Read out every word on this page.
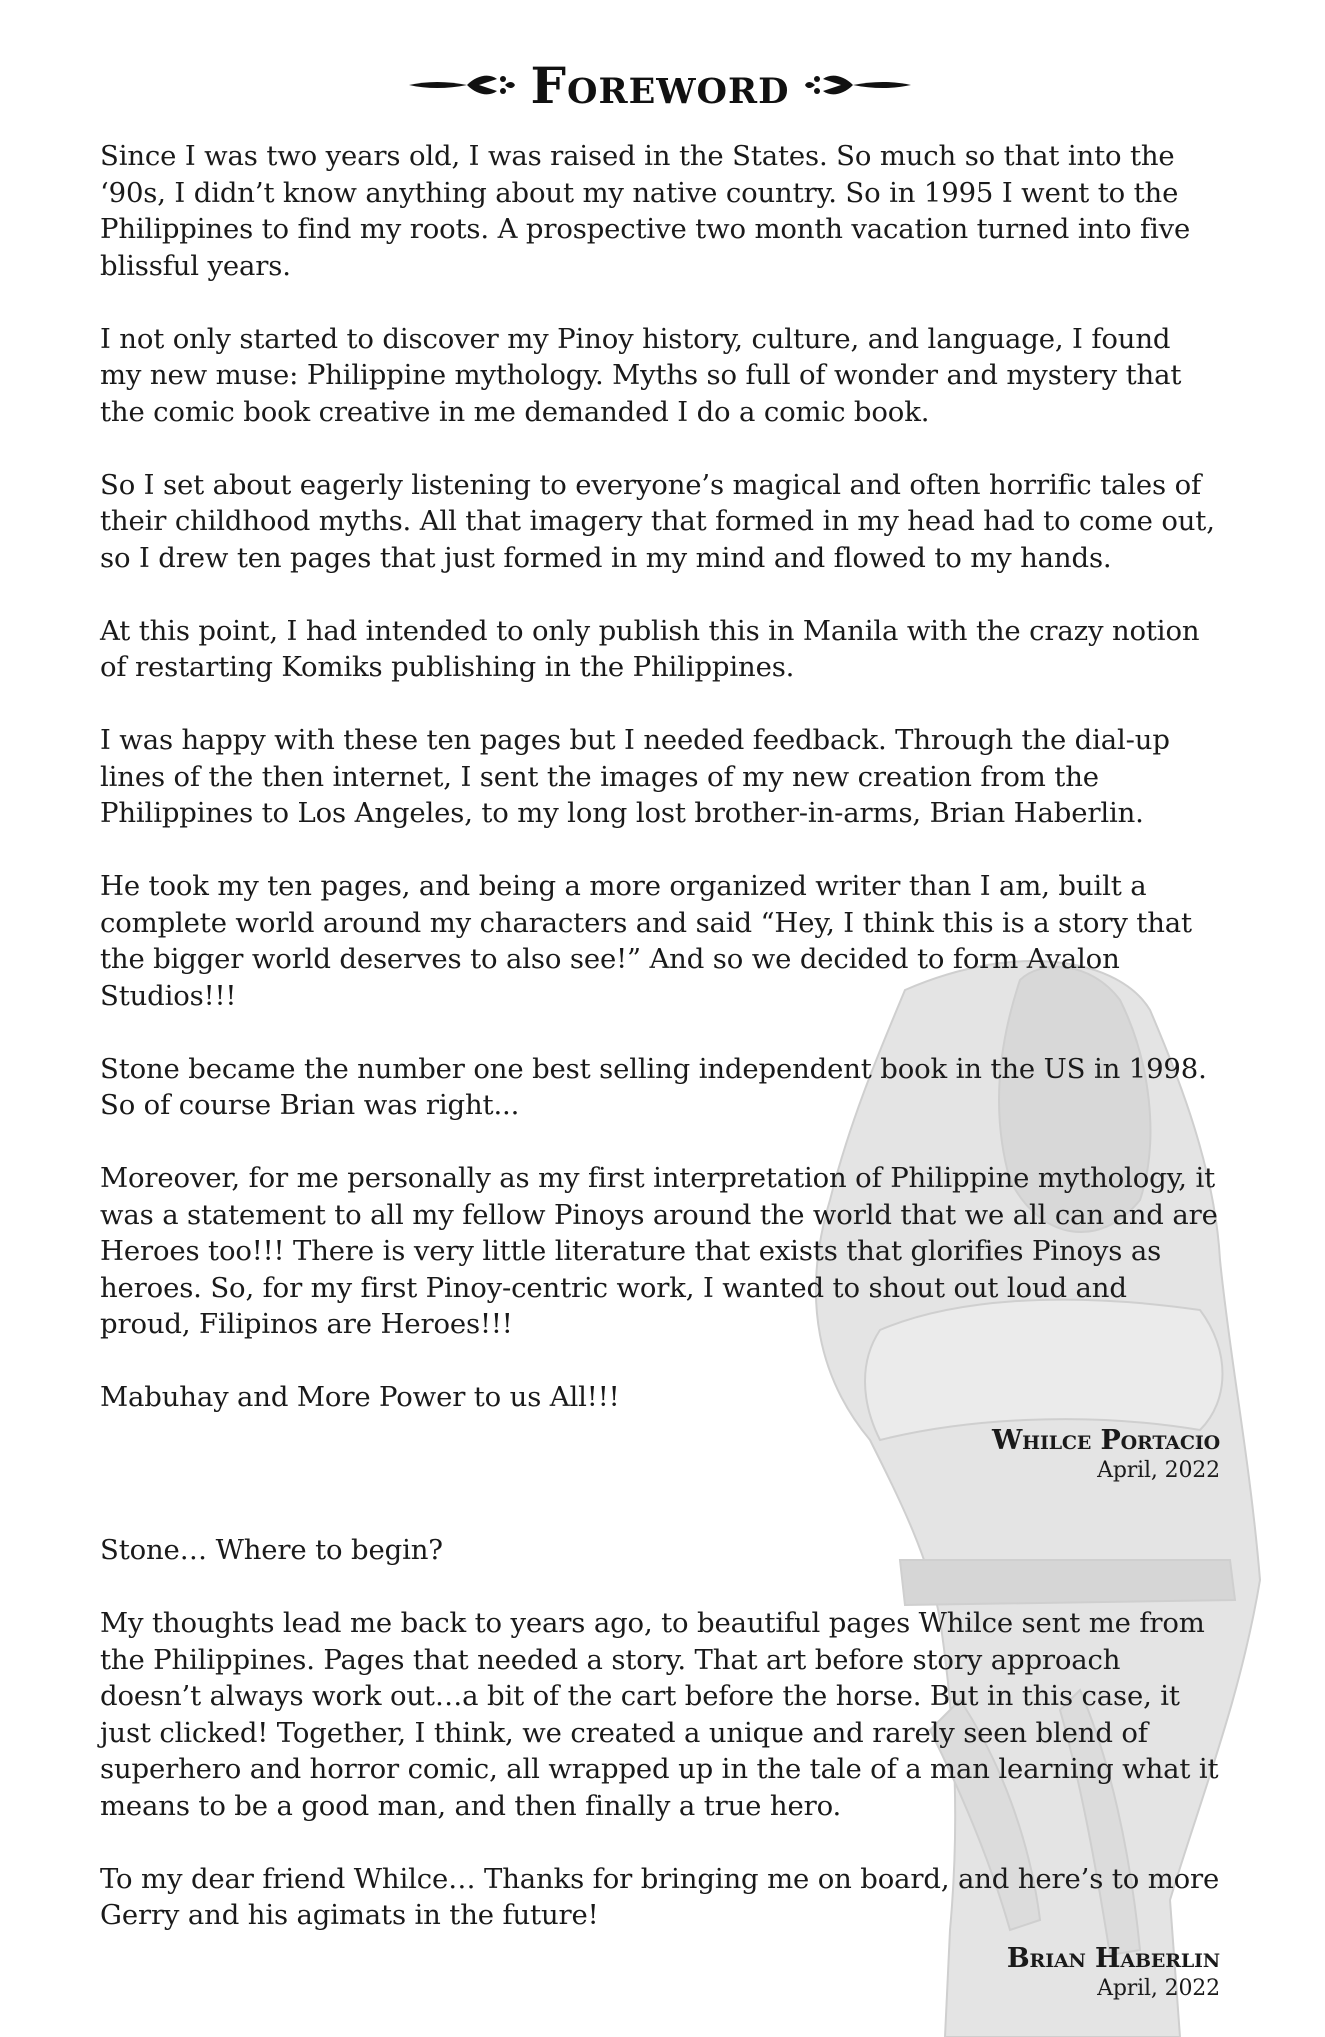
Foreword

Since I was two years old, I was raised in the States. So much so that into the ‘90s, I didn’t know anything about my native country. So in 1995 I went to the Philippines to find my roots. A prospective two month vacation turned into five blissful years.

I not only started to discover my Pinoy history, culture, and language, I found my new muse: Philippine mythology. Myths so full of wonder and mystery that the comic book creative in me demanded I do a comic book.

So I set about eagerly listening to everyone’s magical and often horrific tales of their childhood myths. All that imagery that formed in my head had to come out, so I drew ten pages that just formed in my mind and flowed to my hands.

At this point, I had intended to only publish this in Manila with the crazy notion of restarting Komiks publishing in the Philippines.

I was happy with these ten pages but I needed feedback. Through the dial-up lines of the then internet, I sent the images of my new creation from the Philippines to Los Angeles, to my long lost brother-in-arms, Brian Haberlin.

He took my ten pages, and being a more organized writer than I am, built a complete world around my characters and said “Hey, I think this is a story that the bigger world deserves to also see!” And so we decided to form Avalon Studios!!!

Stone became the number one best selling independent book in the US in 1998. So of course Brian was right...

Moreover, for me personally as my first interpretation of Philippine mythology, it was a statement to all my fellow Pinoys around the world that we all can and are Heroes too!!! There is very little literature that exists that glorifies Pinoys as heroes. So, for my first Pinoy-centric work, I wanted to shout out loud and proud, Filipinos are Heroes!!!

Mabuhay and More Power to us All!!!

Whilce Portacio
April, 2022

Stone… Where to begin?

My thoughts lead me back to years ago, to beautiful pages Whilce sent me from the Philippines. Pages that needed a story. That art before story approach doesn’t always work out…a bit of the cart before the horse. But in this case, it just clicked! Together, I think, we created a unique and rarely seen blend of superhero and horror comic, all wrapped up in the tale of a man learning what it means to be a good man, and then finally a true hero.

To my dear friend Whilce… Thanks for bringing me on board, and here’s to more Gerry and his agimats in the future!

Brian Haberlin
April, 2022
